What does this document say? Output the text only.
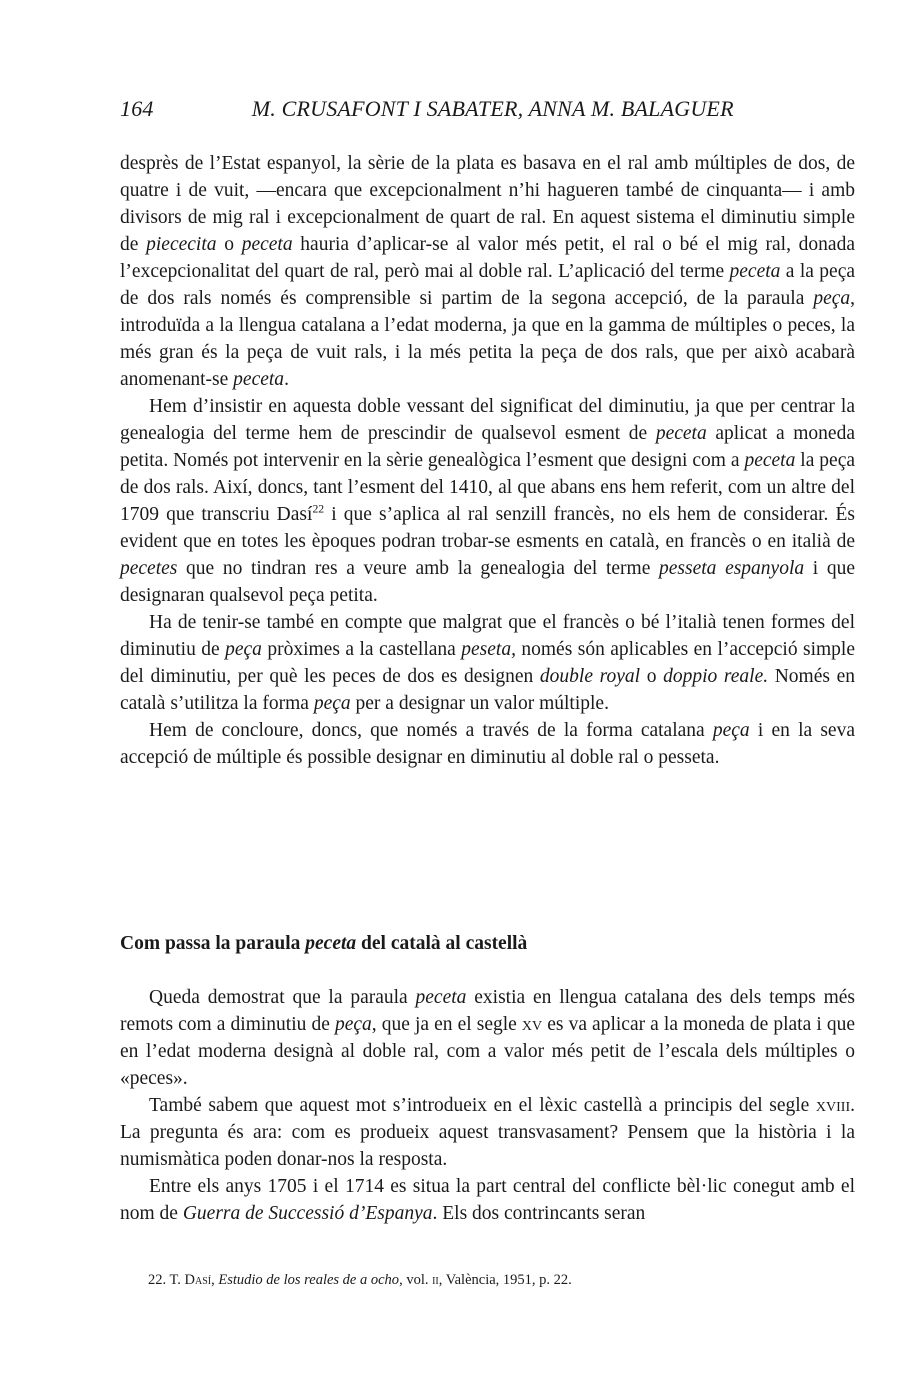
164	M. CRUSAFONT I SABATER, ANNA M. BALAGUER

desprès de l’Estat espanyol, la sèrie de la plata es basava en el ral amb múltiples de dos, de quatre i de vuit, —encara que excepcionalment n’hi hagueren també de cinquanta— i amb divisors de mig ral i excepcionalment de quart de ral. En aquest sistema el diminutiu simple de piececita o peceta hauria d’aplicar-se al valor més petit, el ral o bé el mig ral, donada l’excepcionalitat del quart de ral, però mai al doble ral. L’aplicació del terme peceta a la peça de dos rals només és comprensible si partim de la segona accepció, de la paraula peça, introduïda a la llengua catalana a l’edat moderna, ja que en la gamma de múltiples o peces, la més gran és la peça de vuit rals, i la més petita la peça de dos rals, que per això acabarà anomenant-se peceta.

Hem d’insistir en aquesta doble vessant del significat del diminutiu, ja que per centrar la genealogia del terme hem de prescindir de qualsevol esment de peceta aplicat a moneda petita. Només pot intervenir en la sèrie genealògica l’esment que designi com a peceta la peça de dos rals. Així, doncs, tant l’esment del 1410, al que abans ens hem referit, com un altre del 1709 que transcriu Dasí$^{22}$ i que s’aplica al ral senzill francès, no els hem de considerar. És evident que en totes les èpoques podran trobar-se esments en català, en francès o en italià de pecetes que no tindran res a veure amb la genealogia del terme pesseta espanyola i que designaran qualsevol peça petita.

Ha de tenir-se també en compte que malgrat que el francès o bé l’italià tenen formes del diminutiu de peça pròximes a la castellana peseta, només són aplicables en l’accepció simple del diminutiu, per què les peces de dos es designen double royal o doppio reale. Només en català s’utilitza la forma peça per a designar un valor múltiple.

Hem de concloure, doncs, que només a través de la forma catalana peça i en la seva accepció de múltiple és possible designar en diminutiu al doble ral o pesseta.

Com passa la paraula peceta del català al castellà

Queda demostrat que la paraula peceta existia en llengua catalana des dels temps més remots com a diminutiu de peça, que ja en el segle xv es va aplicar a la moneda de plata i que en l’edat moderna designà al doble ral, com a valor més petit de l’escala dels múltiples o «peces».

També sabem que aquest mot s’introdueix en el lèxic castellà a principis del segle xviii. La pregunta és ara: com es produeix aquest transvasament? Pensem que la història i la numismàtica poden donar-nos la resposta.

Entre els anys 1705 i el 1714 es situa la part central del conflicte bèl·lic conegut amb el nom de Guerra de Successió d’Espanya. Els dos contrincants seran

22. T. Dasí, Estudio de los reales de a ocho, vol. ii, València, 1951, p. 22.
